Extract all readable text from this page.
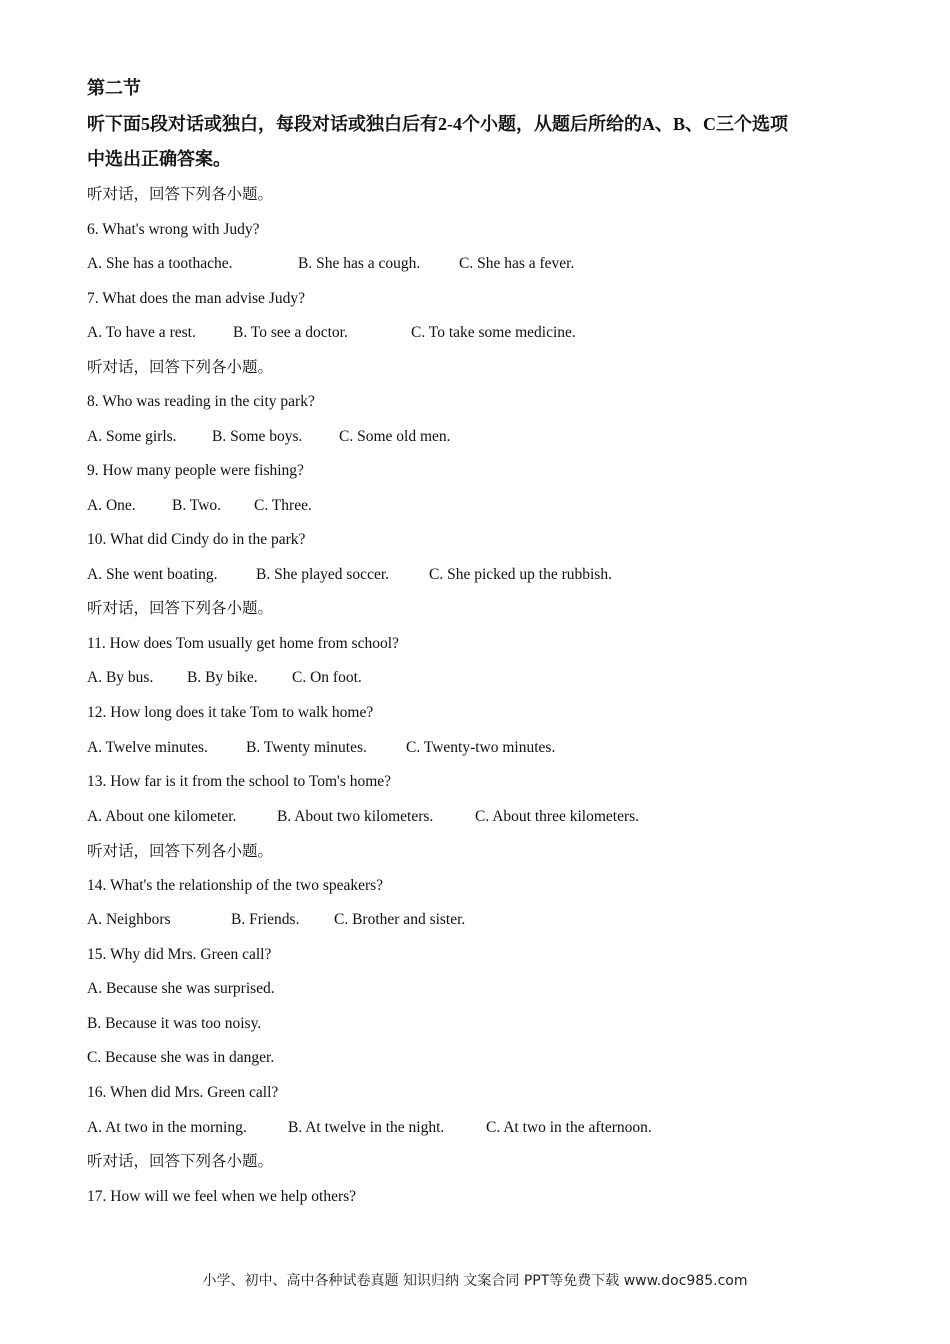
第二节
听下面5段对话或独白，每段对话或独白后有2-4个小题，从题后所给的A、B、C三个选项
中选出正确答案。
听对话，回答下列各小题。
6. What's wrong with Judy?
A. She has a toothache.	B. She has a cough. C. She has a fever.
7. What does the man advise Judy?
A. To have a rest. B. To see a doctor.	C. To take some medicine.
听对话，回答下列各小题。
8. Who was reading in the city park?
A. Some girls. B. Some boys. C. Some old men.
9. How many people were fishing?
A. One. B. Two. C. Three.
10. What did Cindy do in the park?
A. She went boating. B. She played soccer.	C. She picked up the rubbish.
听对话，回答下列各小题。
11. How does Tom usually get home from school?
A. By bus. B. By bike. C. On foot.
12. How long does it take Tom to walk home?
A. Twelve minutes. B. Twenty minutes.	C. Twenty-two minutes.
13. How far is it from the school to Tom's home?
A. About one kilometer.	B. About two kilometers.	C. About three kilometers.
听对话，回答下列各小题。
14. What's the relationship of the two speakers?
A. Neighbors	B. Friends. C. Brother and sister.
15. Why did Mrs. Green call?
A. Because she was surprised.
B. Because it was too noisy.
C. Because she was in danger.
16. When did Mrs. Green call?
A. At two in the morning.	B. At twelve in the night.	C. At two in the afternoon.
听对话，回答下列各小题。
17. How will we feel when we help others?
小学、初中、高中各种试卷真题 知识归纳 文案合同 PPT等免费下载 www.doc985.com
